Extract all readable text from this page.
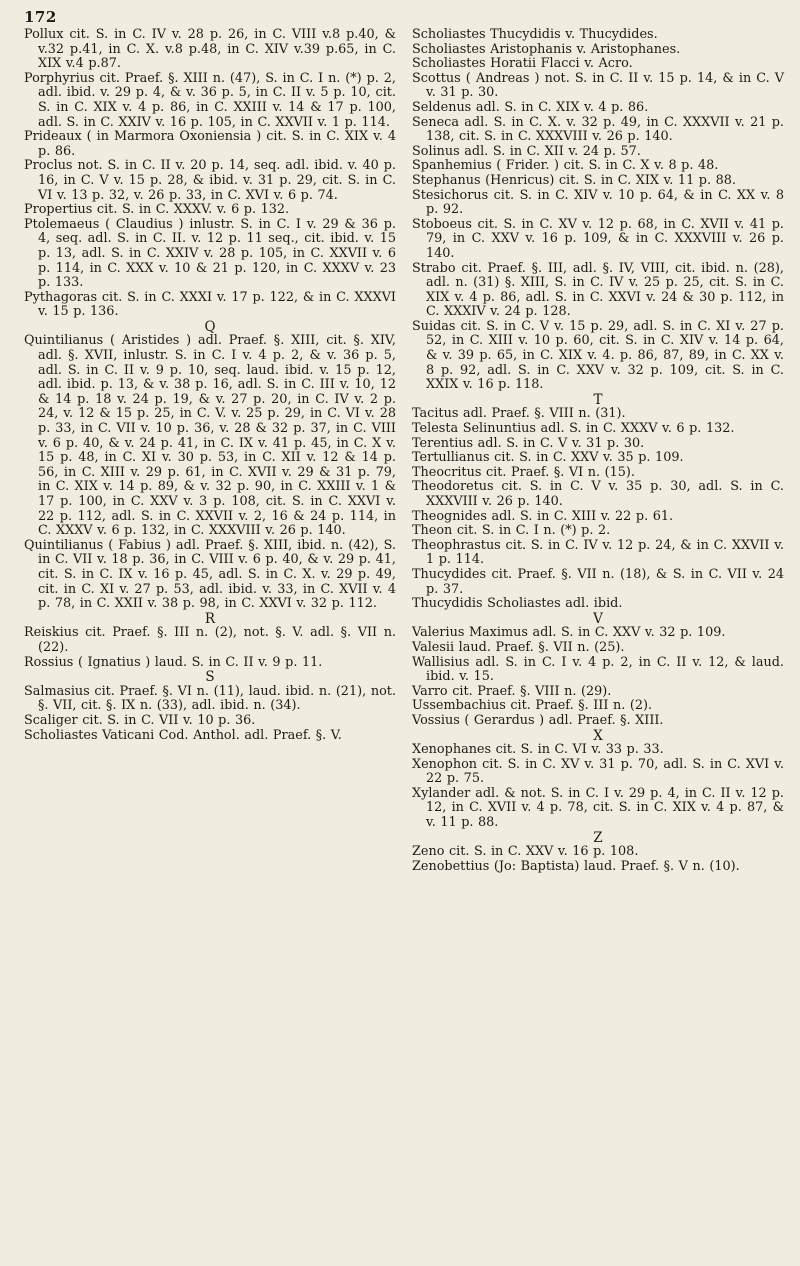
172

Pollux cit. S. in C. IV v. 28 p. 26, in C. VIII v.8 p.40, & v.32 p.41, in C. X. v.8 p.48, in C. XIV v.39 p.65, in C. XIX v.4 p.87.

Porphyrius cit. Praef. §. XIII n. (47), S. in C. I n. (*) p. 2, adl. ibid. v. 29 p. 4, & v. 36 p. 5, in C. II v. 5 p. 10, cit. S. in C. XIX v. 4 p. 86, in C. XXIII v. 14 & 17 p. 100, adl. S. in C. XXIV v. 16 p. 105, in C. XXVII v. 1 p. 114.

Prideaux ( in Marmora Oxoniensia ) cit. S. in C. XIX v. 4 p. 86.

Proclus not. S. in C. II v. 20 p. 14, seq. adl. ibid. v. 40 p. 16, in C. V v. 15 p. 28, & ibid. v. 31 p. 29, cit. S. in C. VI v. 13 p. 32, v. 26 p. 33, in C. XVI v. 6 p. 74.

Propertius cit. S. in C. XXXV. v. 6 p. 132.

Ptolemaeus ( Claudius ) inlustr. S. in C. I v. 29 & 36 p. 4, seq. adl. S. in C. II. v. 12 p. 11 seq., cit. ibid. v. 15 p. 13, adl. S. in C. XXIV v. 28 p. 105, in C. XXVII v. 6 p. 114, in C. XXX v. 10 & 21 p. 120, in C. XXXV v. 23 p. 133.

Pythagoras cit. S. in C. XXXI v. 17 p. 122, & in C. XXXVI v. 15 p. 136.

Q

Quintilianus ( Aristides ) adl. Praef. §. XIII, cit. §. XIV, adl. §. XVII, inlustr. S. in C. I v. 4 p. 2, & v. 36 p. 5, adl. S. in C. II v. 9 p. 10, seq. laud. ibid. v. 15 p. 12, adl. ibid. p. 13, & v. 38 p. 16, adl. S. in C. III v. 10, 12 & 14 p. 18 v. 24 p. 19, & v. 27 p. 20, in C. IV v. 2 p. 24, v. 12 & 15 p. 25, in C. V. v. 25 p. 29, in C. VI v. 28 p. 33, in C. VII v. 10 p. 36, v. 28 & 32 p. 37, in C. VIII v. 6 p. 40, & v. 24 p. 41, in C. IX v. 41 p. 45, in C. X v. 15 p. 48, in C. XI v. 30 p. 53, in C. XII v. 12 & 14 p. 56, in C. XIII v. 29 p. 61, in C. XVII v. 29 & 31 p. 79, in C. XIX v. 14 p. 89, & v. 32 p. 90, in C. XXIII v. 1 & 17 p. 100, in C. XXV v. 3 p. 108, cit. S. in C. XXVI v. 22 p. 112, adl. S. in C. XXVII v. 2, 16 & 24 p. 114, in C. XXXV v. 6 p. 132, in C. XXXVIII v. 26 p. 140.

Quintilianus ( Fabius ) adl. Praef. §. XIII, ibid. n. (42), S. in C. VII v. 18 p. 36, in C. VIII v. 6 p. 40, & v. 29 p. 41, cit. S. in C. IX v. 16 p. 45, adl. S. in C. X. v. 29 p. 49, cit. in C. XI v. 27 p. 53, adl. ibid. v. 33, in C. XVII v. 4 p. 78, in C. XXII v. 38 p. 98, in C. XXVI v. 32 p. 112.

R

Reiskius cit. Praef. §. III n. (2), not. §. V. adl. §. VII n. (22).

Rossius ( Ignatius ) laud. S. in C. II v. 9 p. 11.

S

Salmasius cit. Praef. §. VI n. (11), laud. ibid. n. (21), not. §. VII, cit. §. IX n. (33), adl. ibid. n. (34).

Scaliger cit. S. in C. VII v. 10 p. 36.

Scholiastes Vaticani Cod. Anthol. adl. Praef. §. V.

Scholiastes Thucydidis v. Thucydides.

Scholiastes Aristophanis v. Aristophanes.

Scholiastes Horatii Flacci v. Acro.

Scottus ( Andreas ) not. S. in C. II v. 15 p. 14, & in C. V v. 31 p. 30.

Seldenus adl. S. in C. XIX v. 4 p. 86.

Seneca adl. S. in C. X. v. 32 p. 49, in C. XXXVII v. 21 p. 138, cit. S. in C. XXXVIII v. 26 p. 140.

Solinus adl. S. in C. XII v. 24 p. 57.

Spanhemius ( Frider. ) cit. S. in C. X v. 8 p. 48.

Stephanus (Henricus) cit. S. in C. XIX v. 11 p. 88.

Stesichorus cit. S. in C. XIV v. 10 p. 64, & in C. XX v. 8 p. 92.

Stoboeus cit. S. in C. XV v. 12 p. 68, in C. XVII v. 41 p. 79, in C. XXV v. 16 p. 109, & in C. XXXVIII v. 26 p. 140.

Strabo cit. Praef. §. III, adl. §. IV, VIII, cit. ibid. n. (28), adl. n. (31) §. XIII, S. in C. IV v. 25 p. 25, cit. S. in C. XIX v. 4 p. 86, adl. S. in C. XXVI v. 24 & 30 p. 112, in C. XXXIV v. 24 p. 128.

Suidas cit. S. in C. V v. 15 p. 29, adl. S. in C. XI v. 27 p. 52, in C. XIII v. 10 p. 60, cit. S. in C. XIV v. 14 p. 64, & v. 39 p. 65, in C. XIX v. 4. p. 86, 87, 89, in C. XX v. 8 p. 92, adl. S. in C. XXV v. 32 p. 109, cit. S. in C. XXIX v. 16 p. 118.

T

Tacitus adl. Praef. §. VIII n. (31).

Telesta Selinuntius adl. S. in C. XXXV v. 6 p. 132.

Terentius adl. S. in C. V v. 31 p. 30.

Tertullianus cit. S. in C. XXV v. 35 p. 109.

Theocritus cit. Praef. §. VI n. (15).

Theodoretus cit. S. in C. V v. 35 p. 30, adl. S. in C. XXXVIII v. 26 p. 140.

Theognides adl. S. in C. XIII v. 22 p. 61.

Theon cit. S. in C. I n. (*) p. 2.

Theophrastus cit. S. in C. IV v. 12 p. 24, & in C. XXVII v. 1 p. 114.

Thucydides cit. Praef. §. VII n. (18), & S. in C. VII v. 24 p. 37.

Thucydidis Scholiastes adl. ibid.

V

Valerius Maximus adl. S. in C. XXV v. 32 p. 109.

Valesii laud. Praef. §. VII n. (25).

Wallisius adl. S. in C. I v. 4 p. 2, in C. II v. 12, & laud. ibid. v. 15.

Varro cit. Praef. §. VIII n. (29).

Ussembachius cit. Praef. §. III n. (2).

Vossius ( Gerardus ) adl. Praef. §. XIII.

X

Xenophanes cit. S. in C. VI v. 33 p. 33.

Xenophon cit. S. in C. XV v. 31 p. 70, adl. S. in C. XVI v. 22 p. 75.

Xylander adl. & not. S. in C. I v. 29 p. 4, in C. II v. 12 p. 12, in C. XVII v. 4 p. 78, cit. S. in C. XIX v. 4 p. 87, & v. 11 p. 88.

Z

Zeno cit. S. in C. XXV v. 16 p. 108.

Zenobettius (Jo: Baptista) laud. Praef. §. V n. (10).
